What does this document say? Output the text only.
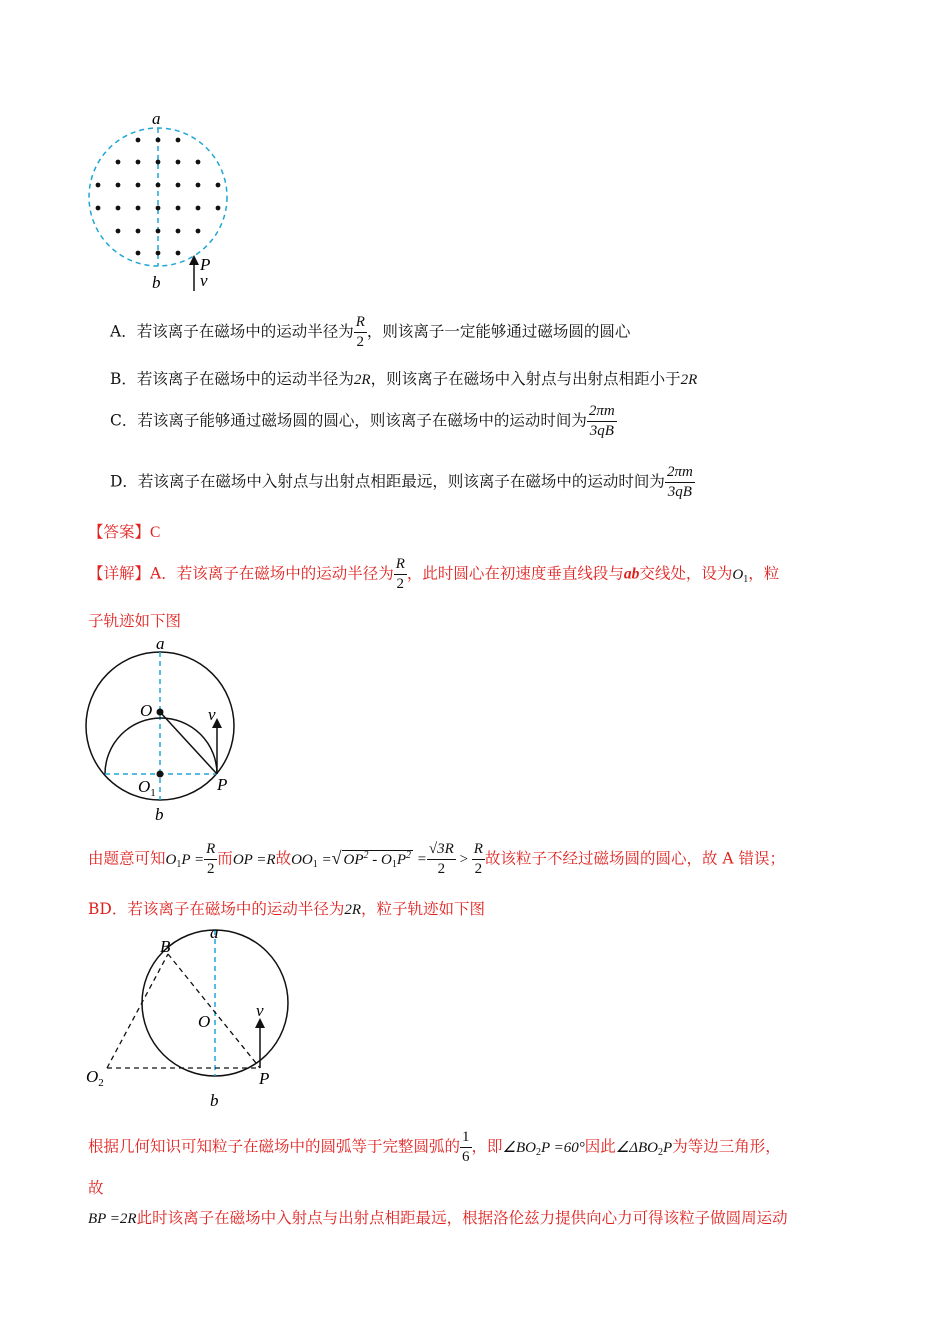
a
b
P
v
A．若该离子在磁场中的运动半径为 $\frac{R}{2}$ ，则该离子一定能够通过磁场圆的圆心
B．若该离子在磁场中的运动半径为2R，则该离子在磁场中入射点与出射点相距小于2R
C．若该离子能够通过磁场圆的圆心，则该离子在磁场中的运动时间为 $\frac{2\pi m}{3qB}$
D．若该离子在磁场中入射点与出射点相距最远，则该离子在磁场中的运动时间为 $\frac{2\pi m}{3qB}$
【答案】C
【详解】A．若该离子在磁场中的运动半径为 $\frac{R}{2}$ ，此时圆心在初速度垂直线段与ab交线处，设为$O_1$，粒
子轨迹如下图
a
O	v
$O_1$	P
b
由题意可知$O_1P = \frac{R}{2}$ 而OP =R故$OO_1$ =√ $OP^2 - O_1P^2 = \frac{√3R}{2} > \frac{R}{2}$ 故该粒子不经过磁场圆的圆心，故 A 错误；
BD．若该离子在磁场中的运动半径为2R，粒子轨迹如下图
B
a
O
v
$O_2$	P
b
根据几何知识可知粒子在磁场中的圆弧等于完整圆弧的 $\frac{1}{6}$ ，即$\angle BO_2P =60^\circ$因此$\angle\Delta BO_2P$为等边三角形，
故
BP =2R此时该离子在磁场中入射点与出射点相距最远，根据洛伦兹力提供向心力可得该粒子做圆周运动
